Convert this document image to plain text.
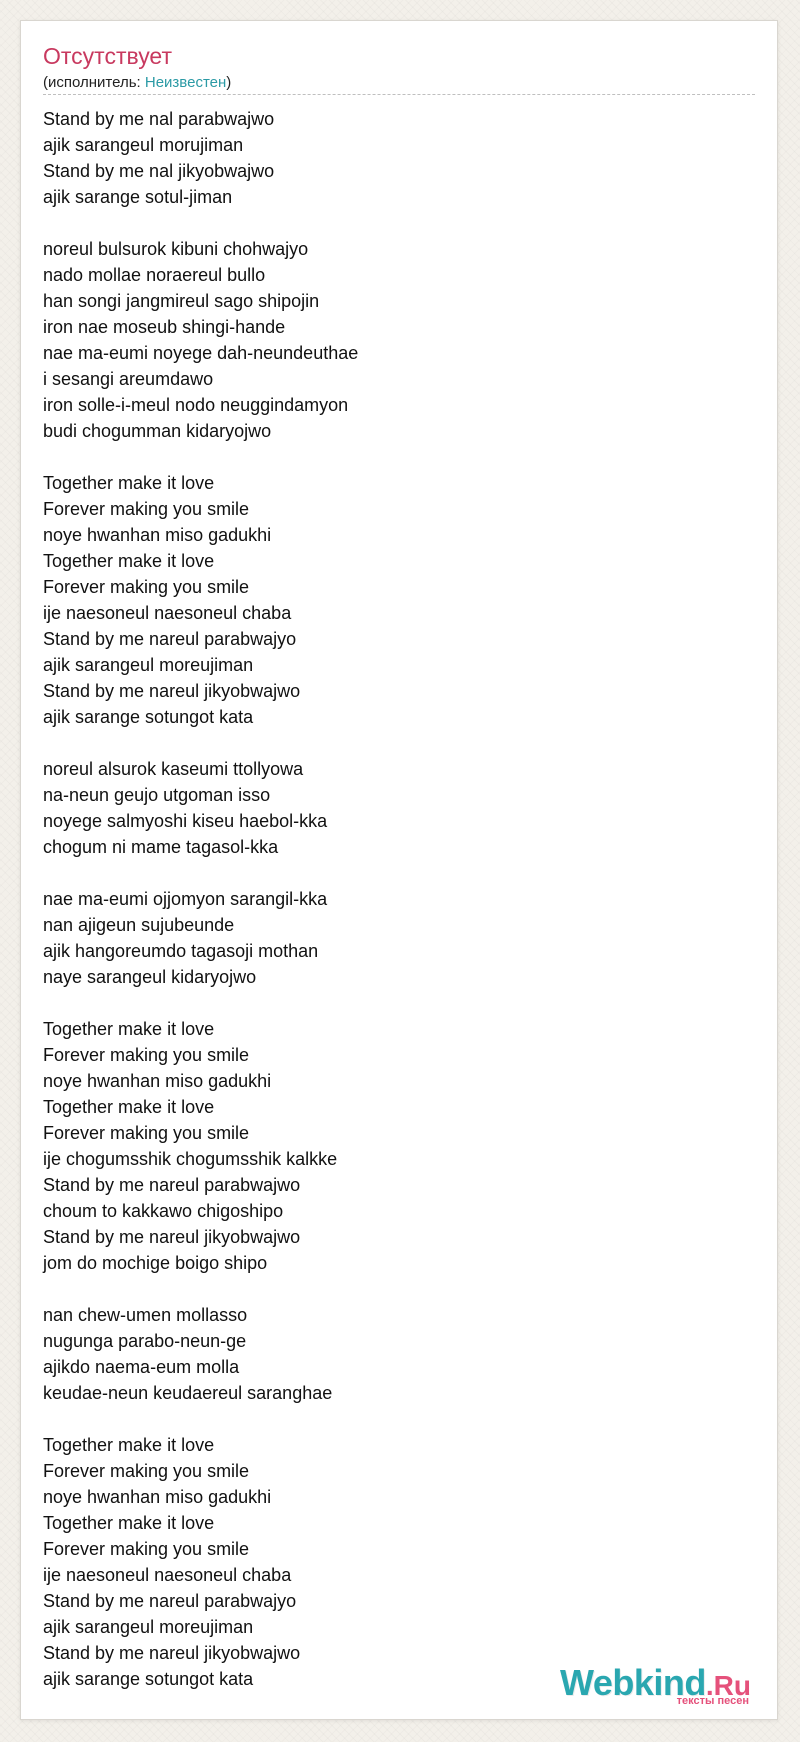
Отсутствует
(исполнитель: Неизвестен)
Stand by me nal parabwajwo
ajik sarangeul morujiman
Stand by me nal jikyobwajwo
ajik sarange sotul-jiman
noreul bulsurok kibuni chohwajyo
nado mollae noraereul bullo
han songi jangmireul sago shipojin
iron nae moseub shingi-hande
nae ma-eumi noyege dah-neundeuthae
i sesangi areumdawo
iron solle-i-meul nodo neuggindamyon
budi chogumman kidaryojwo
Together make it love
Forever making you smile
noye hwanhan miso gadukhi
Together make it love
Forever making you smile
ije naesoneul naesoneul chaba
Stand by me nareul parabwajyo
ajik sarangeul moreujiman
Stand by me nareul jikyobwajwo
ajik sarange sotungot kata
noreul alsurok kaseumi ttollyowa
na-neun geujo utgoman isso
noyege salmyoshi kiseu haebol-kka
chogum ni mame tagasol-kka
nae ma-eumi ojjomyon sarangil-kka
nan ajigeun sujubeunde
ajik hangoreumdo tagasoji mothan
naye sarangeul kidaryojwo
Together make it love
Forever making you smile
noye hwanhan miso gadukhi
Together make it love
Forever making you smile
ije chogumsshik chogumsshik kalkke
Stand by me nareul parabwajwo
choum to kakkawo chigoshipo
Stand by me nareul jikyobwajwo
jom do mochige boigo shipo
nan chew-umen mollasso
nugunga parabo-neun-ge
ajikdo naema-eum molla
keudae-neun keudaereul saranghae
Together make it love
Forever making you smile
noye hwanhan miso gadukhi
Together make it love
Forever making you smile
ije naesoneul naesoneul chaba
Stand by me nareul parabwajyo
ajik sarangeul moreujiman
Stand by me nareul jikyobwajwo
ajik sarange sotungot kata	Webkind.Ru
тексты песен
